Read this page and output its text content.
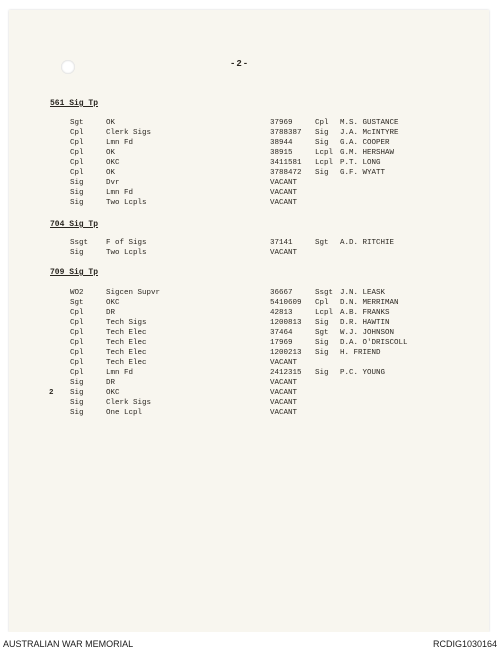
-2-
561 Sig Tp
Sgt	OK	37969	Cpl M.S. GUSTANCE
Cpl	Clerk Sigs	3788387 Sig J.A. McINTYRE
Cpl	Lmn Fd	38944	Sig G.A. COOPER
Cpl	OK	38915	Lcpl G.M. HERSHAW
Cpl	OKC	3411581 Lcpl P.T. LONG
Cpl	OK	3788472 Sig G.F. WYATT
Sig	Dvr	VACANT
Sig	Lmn Fd	VACANT
Sig	Two Lcpls	VACANT
704 Sig Tp
Ssgt F of Sigs	37141	Sgt A.D. RITCHIE
Sig	Two Lcpls	VACANT
709 Sig Tp
WO2	Sigcen Supvr	36667	Ssgt J.N. LEASK
Sgt	OKC	5410609 Cpl D.N. MERRIMAN
Cpl	DR	42813	Lcpl A.B. FRANKS
Cpl	Tech Sigs	1200813 Sig D.R. HAWTIN
Cpl	Tech Elec	37464	Sgt W.J. JOHNSON
Cpl	Tech Elec	17969	Sig D.A. O'DRISCOLL
Cpl	Tech Elec	1200213 Sig H. FRIEND
Cpl	Tech Elec	VACANT
Cpl	Lmn Fd	2412315 Sig P.C. YOUNG
Sig	DR	VACANT
2 Sig	OKC	VACANT
Sig	Clerk Sigs	VACANT
Sig	One Lcpl	VACANT
AUSTRALIAN WAR MEMORIAL	RCDIG1030164
